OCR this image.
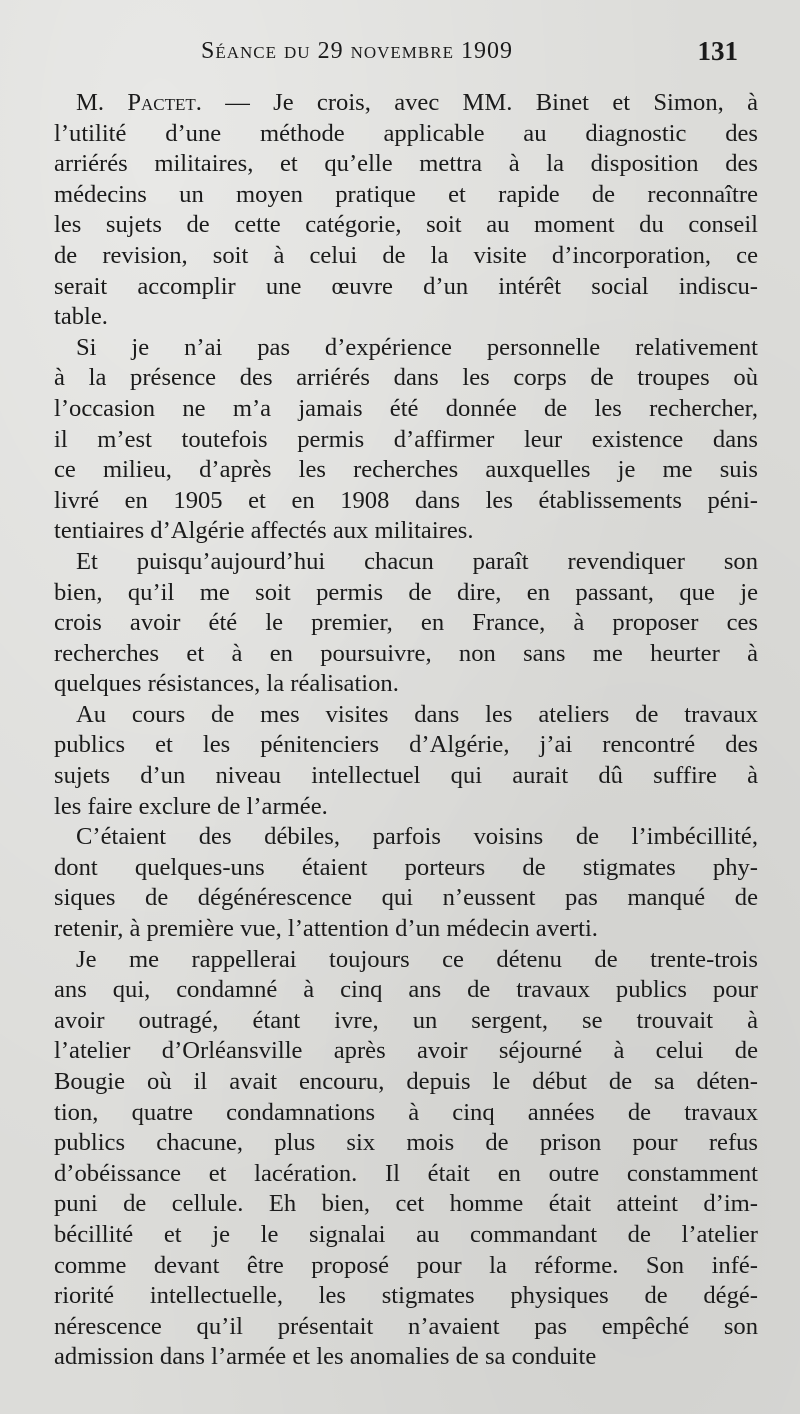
Séance du 29 novembre 1909	131

M. Pactet. — Je crois, avec MM. Binet et Simon, à
l’utilité d’une méthode applicable au diagnostic des
arriérés militaires, et qu’elle mettra à la disposition des
médecins un moyen pratique et rapide de reconnaître
les sujets de cette catégorie, soit au moment du conseil
de revision, soit à celui de la visite d’incorporation, ce
serait accomplir une œuvre d’un intérêt social indiscu-
table.

Si je n’ai pas d’expérience personnelle relativement
à la présence des arriérés dans les corps de troupes où
l’occasion ne m’a jamais été donnée de les rechercher,
il m’est toutefois permis d’affirmer leur existence dans
ce milieu, d’après les recherches auxquelles je me suis
livré en 1905 et en 1908 dans les établissements péni-
tentiaires d’Algérie affectés aux militaires.

Et puisqu’aujourd’hui chacun paraît revendiquer son
bien, qu’il me soit permis de dire, en passant, que je
crois avoir été le premier, en France, à proposer ces
recherches et à en poursuivre, non sans me heurter à
quelques résistances, la réalisation.

Au cours de mes visites dans les ateliers de travaux
publics et les pénitenciers d’Algérie, j’ai rencontré des
sujets d’un niveau intellectuel qui aurait dû suffire à
les faire exclure de l’armée.

C’étaient des débiles, parfois voisins de l’imbécillité,
dont quelques-uns étaient porteurs de stigmates phy-
siques de dégénérescence qui n’eussent pas manqué de
retenir, à première vue, l’attention d’un médecin averti.

Je me rappellerai toujours ce détenu de trente-trois
ans qui, condamné à cinq ans de travaux publics pour
avoir outragé, étant ivre, un sergent, se trouvait à
l’atelier d’Orléansville après avoir séjourné à celui de
Bougie où il avait encouru, depuis le début de sa déten-
tion, quatre condamnations à cinq années de travaux
publics chacune, plus six mois de prison pour refus
d’obéissance et lacération. Il était en outre constamment
puni de cellule. Eh bien, cet homme était atteint d’im-
bécillité et je le signalai au commandant de l’atelier
comme devant être proposé pour la réforme. Son infé-
riorité intellectuelle, les stigmates physiques de dégé-
nérescence qu’il présentait n’avaient pas empêché son
admission dans l’armée et les anomalies de sa conduite
